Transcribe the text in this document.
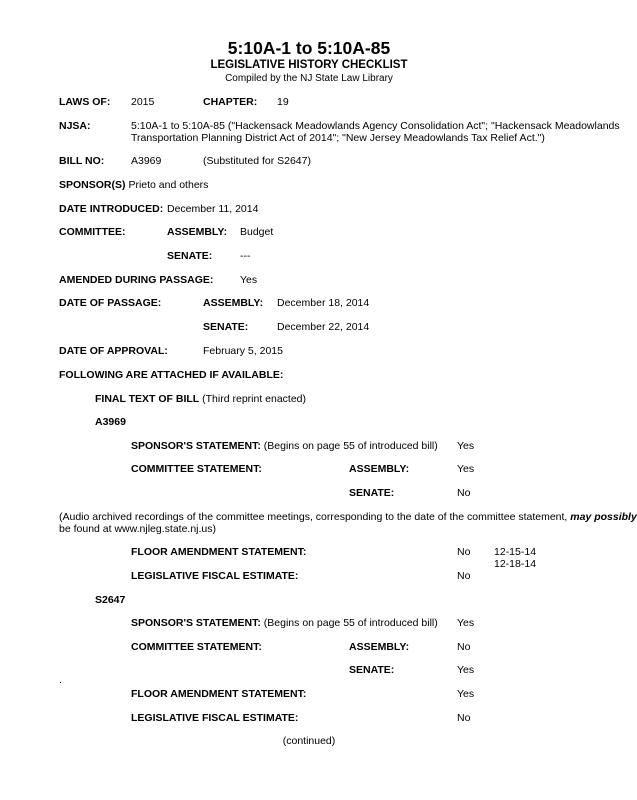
5:10A-1 to 5:10A-85
LEGISLATIVE HISTORY CHECKLIST
Compiled by the NJ State Law Library
LAWS OF: 2015	CHAPTER: 19
NJSA:	5:10A-1 to 5:10A-85 ("Hackensack Meadowlands Agency Consolidation Act"; "Hackensack Meadowlands
Transportation Planning District Act of 2014"; "New Jersey Meadowlands Tax Relief Act.")
BILL NO:	A3969	(Substituted for S2647)
SPONSOR(S) Prieto and others
DATE INTRODUCED: December 11, 2014
COMMITTEE:	ASSEMBLY: Budget
SENATE:	---
AMENDED DURING PASSAGE:	Yes
DATE OF PASSAGE:	ASSEMBLY: December 18, 2014
SENATE:	December 22, 2014
DATE OF APPROVAL:	February 5, 2015
FOLLOWING ARE ATTACHED IF AVAILABLE:
FINAL TEXT OF BILL (Third reprint enacted)
A3969
SPONSOR'S STATEMENT: (Begins on page 55 of introduced bill) Yes
COMMITTEE STATEMENT:	ASSEMBLY:	Yes
SENATE:	No
(Audio archived recordings of the committee meetings, corresponding to the date of the committee statement, may possibly
be found at www.njleg.state.nj.us)
FLOOR AMENDMENT STATEMENT:	No 12-15-14
12-18-14
LEGISLATIVE FISCAL ESTIMATE:	No
S2647
SPONSOR'S STATEMENT: (Begins on page 55 of introduced bill) Yes
COMMITTEE STATEMENT:	ASSEMBLY:	No
SENATE:	Yes
.
FLOOR AMENDMENT STATEMENT:	Yes
LEGISLATIVE FISCAL ESTIMATE:	No
(continued)
